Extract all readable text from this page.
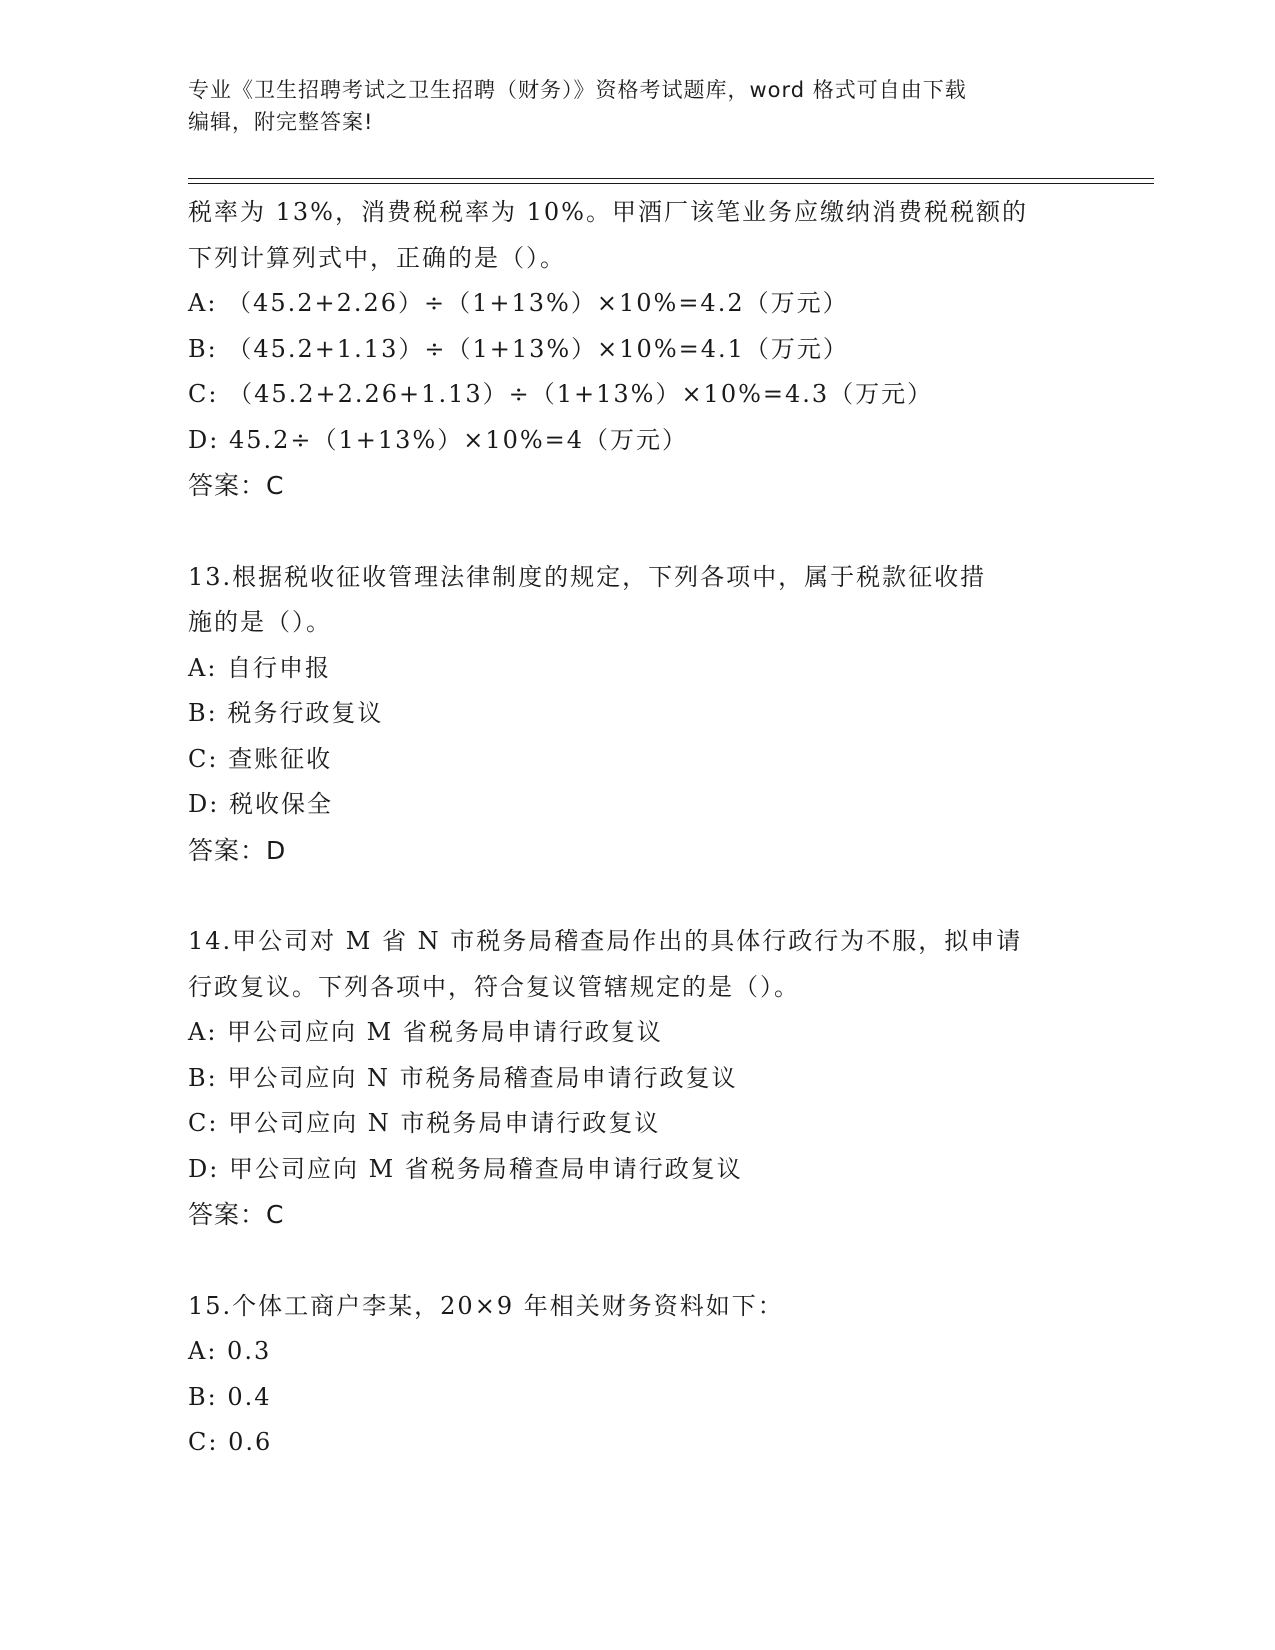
专业《卫生招聘考试之卫生招聘（财务）》资格考试题库，word 格式可自由下载
编辑，附完整答案!
税率为 13%，消费税税率为 10%。甲酒厂该笔业务应缴纳消费税税额的
下列计算列式中，正确的是（）。
A: （45.2+2.26）÷（1+13%）×10%=4.2（万元）
B: （45.2+1.13）÷（1+13%）×10%=4.1（万元）
C: （45.2+2.26+1.13）÷（1+13%）×10%=4.3（万元）
D: 45.2÷（1+13%）×10%=4（万元）
答案：C
13.根据税收征收管理法律制度的规定，下列各项中，属于税款征收措
施的是（）。
A: 自行申报
B: 税务行政复议
C: 查账征收
D: 税收保全
答案：D
14.甲公司对 M 省 N 市税务局稽查局作出的具体行政行为不服，拟申请
行政复议。下列各项中，符合复议管辖规定的是（）。
A: 甲公司应向 M 省税务局申请行政复议
B: 甲公司应向 N 市税务局稽查局申请行政复议
C: 甲公司应向 N 市税务局申请行政复议
D: 甲公司应向 M 省税务局稽查局申请行政复议
答案：C
15.个体工商户李某，20×9 年相关财务资料如下：
A: 0.3
B: 0.4
C: 0.6
